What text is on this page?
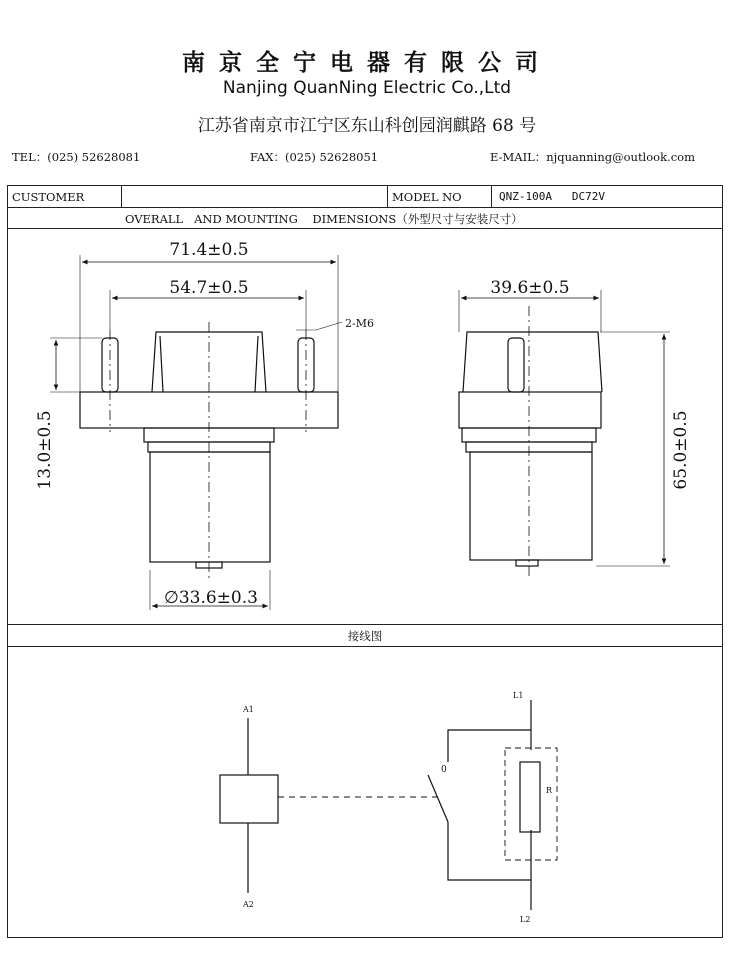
南京全宁电器有限公司
Nanjing QuanNing Electric Co.,Ltd
江苏省南京市江宁区东山科创园润麒路 68 号
TEL：(025) 52628081	FAX：(025) 52628051	E-MAIL：njquanning@outlook.com
CUSTOMER	MODEL NO	QNZ-100A   DC72V
OVERALL   AND MOUNTING    DIMENSIONS（外型尺寸与安装尺寸）
接线图
71.4±0.5
54.7±0.5
2-M6
∅33.6±0.3
39.6±0.5
13.0±0.5	65.0±0.5
A1
A2
L1
L2
0
R
